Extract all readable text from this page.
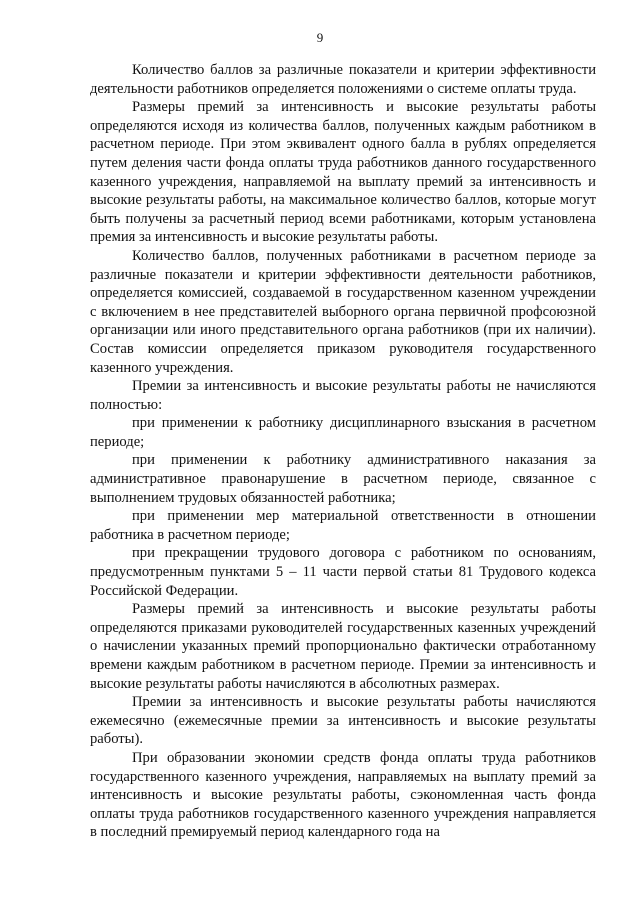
9

Количество баллов за различные показатели и критерии эффективности деятельности работников определяется положениями о системе оплаты труда.

Размеры премий за интенсивность и высокие результаты работы определяются исходя из количества баллов, полученных каждым работником в расчетном периоде. При этом эквивалент одного балла в рублях определяется путем деления части фонда оплаты труда работников данного государственного казенного учреждения, направляемой на выплату премий за интенсивность и высокие результаты работы, на максимальное количество баллов, которые могут быть получены за расчетный период всеми работниками, которым установлена премия за интенсивность и высокие результаты работы.

Количество баллов, полученных работниками в расчетном периоде за различные показатели и критерии эффективности деятельности работников, определяется комиссией, создаваемой в государственном казенном учреждении с включением в нее представителей выборного органа первичной профсоюзной организации или иного представительного органа работников (при их наличии). Состав комиссии определяется приказом руководителя государственного казенного учреждения.

Премии за интенсивность и высокие результаты работы не начисляются полностью:

при применении к работнику дисциплинарного взыскания в расчетном периоде;

при применении к работнику административного наказания за административное правонарушение в расчетном периоде, связанное с выполнением трудовых обязанностей работника;

при применении мер материальной ответственности в отношении работника в расчетном периоде;

при прекращении трудового договора с работником по основаниям, предусмотренным пунктами 5 – 11 части первой статьи 81 Трудового кодекса Российской Федерации.

Размеры премий за интенсивность и высокие результаты работы определяются приказами руководителей государственных казенных учреждений о начислении указанных премий пропорционально фактически отработанному времени каждым работником в расчетном периоде. Премии за интенсивность и высокие результаты работы начисляются в абсолютных размерах.

Премии за интенсивность и высокие результаты работы начисляются ежемесячно (ежемесячные премии за интенсивность и высокие результаты работы).

При образовании экономии средств фонда оплаты труда работников государственного казенного учреждения, направляемых на выплату премий за интенсивность и высокие результаты работы, сэкономленная часть фонда оплаты труда работников государственного казенного учреждения направляется в последний премируемый период календарного года на
